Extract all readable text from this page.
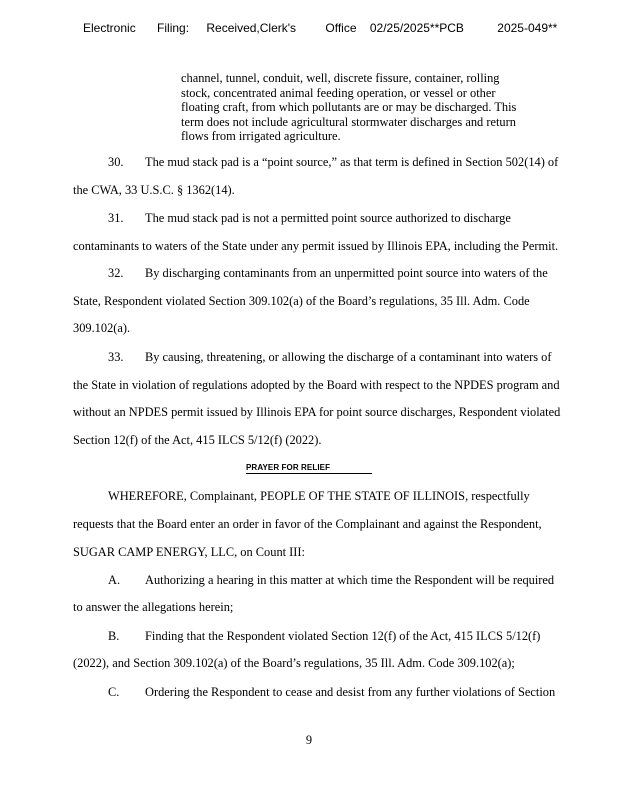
Electronic Filing: Received,Clerk's Office 02/25/2025**PCB	2025-049**
channel, tunnel, conduit, well, discrete fissure, container, rolling
stock, concentrated animal feeding operation, or vessel or other
floating craft, from which pollutants are or may be discharged. This
term does not include agricultural stormwater discharges and return
flows from irrigated agriculture.
30. The mud stack pad is a “point source,” as that term is defined in Section 502(14) of
the CWA, 33 U.S.C. § 1362(14).
31. The mud stack pad is not a permitted point source authorized to discharge
contaminants to waters of the State under any permit issued by Illinois EPA, including the Permit.
32. By discharging contaminants from an unpermitted point source into waters of the
State, Respondent violated Section 309.102(a) of the Board’s regulations, 35 Ill. Adm. Code
309.102(a).
33. By causing, threatening, or allowing the discharge of a contaminant into waters of
the State in violation of regulations adopted by the Board with respect to the NPDES program and
without an NPDES permit issued by Illinois EPA for point source discharges, Respondent violated
Section 12(f) of the Act, 415 ILCS 5/12(f) (2022).
PRAYER FOR RELIEF
WHEREFORE, Complainant, PEOPLE OF THE STATE OF ILLINOIS, respectfully
requests that the Board enter an order in favor of the Complainant and against the Respondent,
SUGAR CAMP ENERGY, LLC, on Count III:
A. Authorizing a hearing in this matter at which time the Respondent will be required
to answer the allegations herein;
B. Finding that the Respondent violated Section 12(f) of the Act, 415 ILCS 5/12(f)
(2022), and Section 309.102(a) of the Board’s regulations, 35 Ill. Adm. Code 309.102(a);
C. Ordering the Respondent to cease and desist from any further violations of Section
9
